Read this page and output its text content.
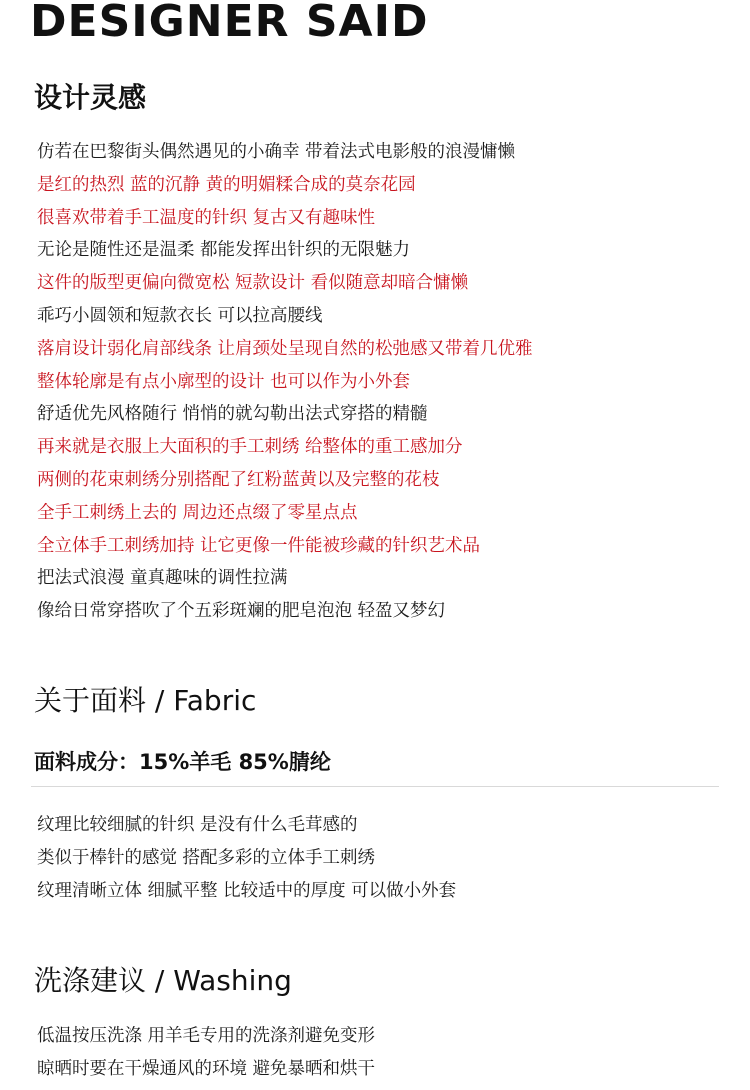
DESIGNER SAID
设计灵感
仿若在巴黎街头偶然遇见的小确幸 带着法式电影般的浪漫慵懒
是红的热烈 蓝的沉静 黄的明媚糅合成的莫奈花园
很喜欢带着手工温度的针织 复古又有趣味性
无论是随性还是温柔 都能发挥出针织的无限魅力
这件的版型更偏向微宽松 短款设计 看似随意却暗合慵懒
乖巧小圆领和短款衣长 可以拉高腰线
落肩设计弱化肩部线条 让肩颈处呈现自然的松弛感又带着几优雅
整体轮廓是有点小廓型的设计 也可以作为小外套
舒适优先风格随行 悄悄的就勾勒出法式穿搭的精髓
再来就是衣服上大面积的手工刺绣 给整体的重工感加分
两侧的花束刺绣分别搭配了红粉蓝黄以及完整的花枝
全手工刺绣上去的 周边还点缀了零星点点
全立体手工刺绣加持 让它更像一件能被珍藏的针织艺术品
把法式浪漫 童真趣味的调性拉满
像给日常穿搭吹了个五彩斑斓的肥皂泡泡 轻盈又梦幻
关于面料 / Fabric
面料成分：15%羊毛 85%腈纶
纹理比较细腻的针织 是没有什么毛茸感的
类似于棒针的感觉 搭配多彩的立体手工刺绣
纹理清晰立体 细腻平整 比较适中的厚度 可以做小外套
洗涤建议 / Washing
低温按压洗涤 用羊毛专用的洗涤剂避免变形
晾晒时要在干燥通风的环境 避免暴晒和烘干
